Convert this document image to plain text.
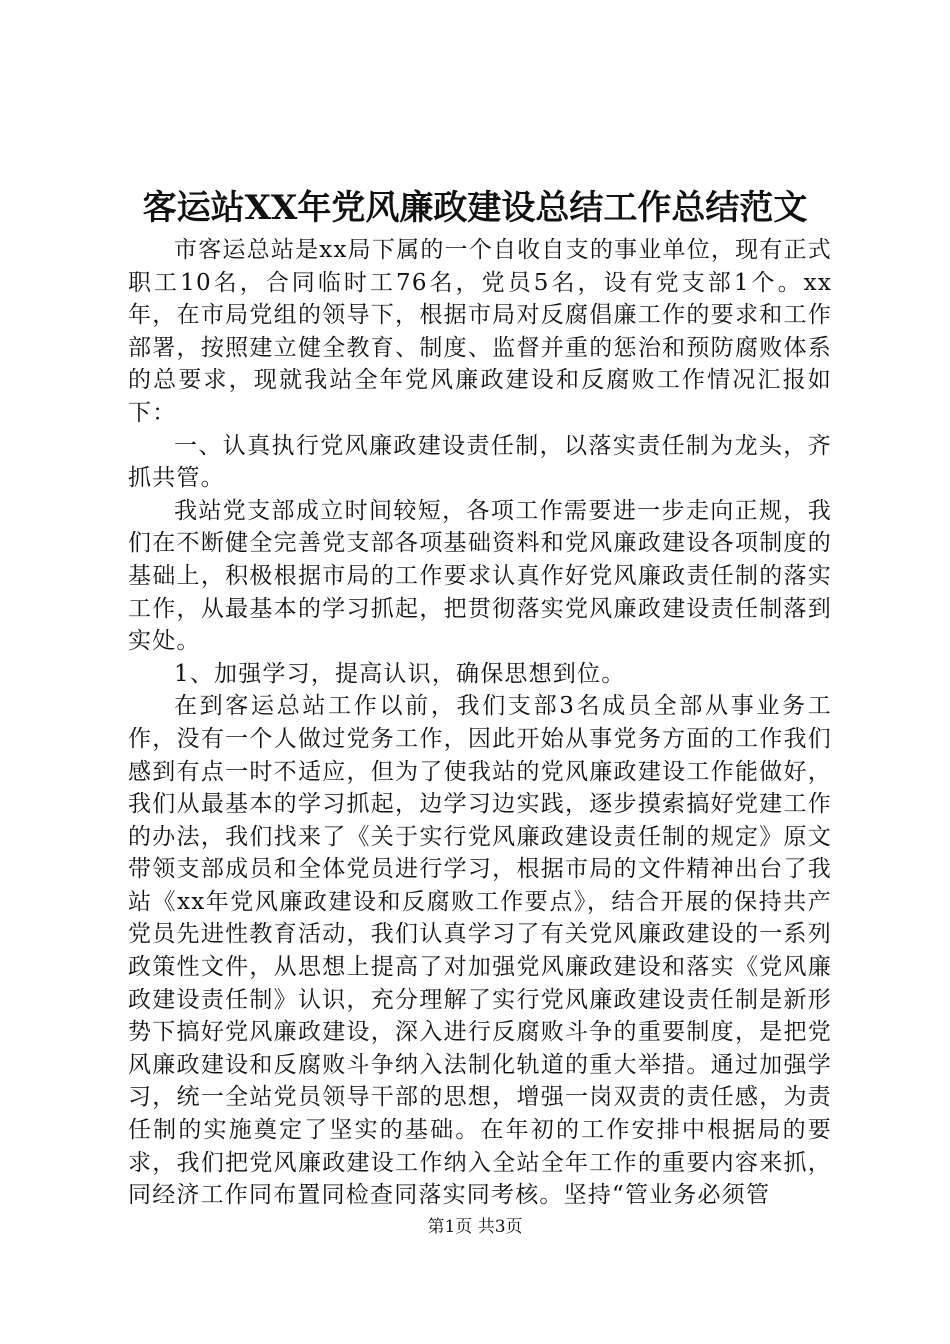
客运站XX年党风廉政建设总结工作总结范文

市客运总站是xx局下属的一个自收自支的事业单位，现有正式职工10名，合同临时工76名，党员5名，设有党支部1个。xx年，在市局党组的领导下，根据市局对反腐倡廉工作的要求和工作部署，按照建立健全教育、制度、监督并重的惩治和预防腐败体系的总要求，现就我站全年党风廉政建设和反腐败工作情况汇报如下：

一、认真执行党风廉政建设责任制，以落实责任制为龙头，齐抓共管。

我站党支部成立时间较短，各项工作需要进一步走向正规，我们在不断健全完善党支部各项基础资料和党风廉政建设各项制度的基础上，积极根据市局的工作要求认真作好党风廉政责任制的落实工作，从最基本的学习抓起，把贯彻落实党风廉政建设责任制落到实处。

1、加强学习，提高认识，确保思想到位。

在到客运总站工作以前，我们支部3名成员全部从事业务工作，没有一个人做过党务工作，因此开始从事党务方面的工作我们感到有点一时不适应，但为了使我站的党风廉政建设工作能做好，我们从最基本的学习抓起，边学习边实践，逐步摸索搞好党建工作的办法，我们找来了《关于实行党风廉政建设责任制的规定》原文带领支部成员和全体党员进行学习，根据市局的文件精神出台了我站《xx年党风廉政建设和反腐败工作要点》，结合开展的保持共产党员先进性教育活动，我们认真学习了有关党风廉政建设的一系列政策性文件，从思想上提高了对加强党风廉政建设和落实《党风廉政建设责任制》认识，充分理解了实行党风廉政建设责任制是新形势下搞好党风廉政建设，深入进行反腐败斗争的重要制度，是把党风廉政建设和反腐败斗争纳入法制化轨道的重大举措。通过加强学习，统一全站党员领导干部的思想，增强一岗双责的责任感，为责任制的实施奠定了坚实的基础。在年初的工作安排中根据局的要求，我们把党风廉政建设工作纳入全站全年工作的重要内容来抓，同经济工作同布置同检查同落实同考核。坚持“管业务必须管

第1页 共3页
